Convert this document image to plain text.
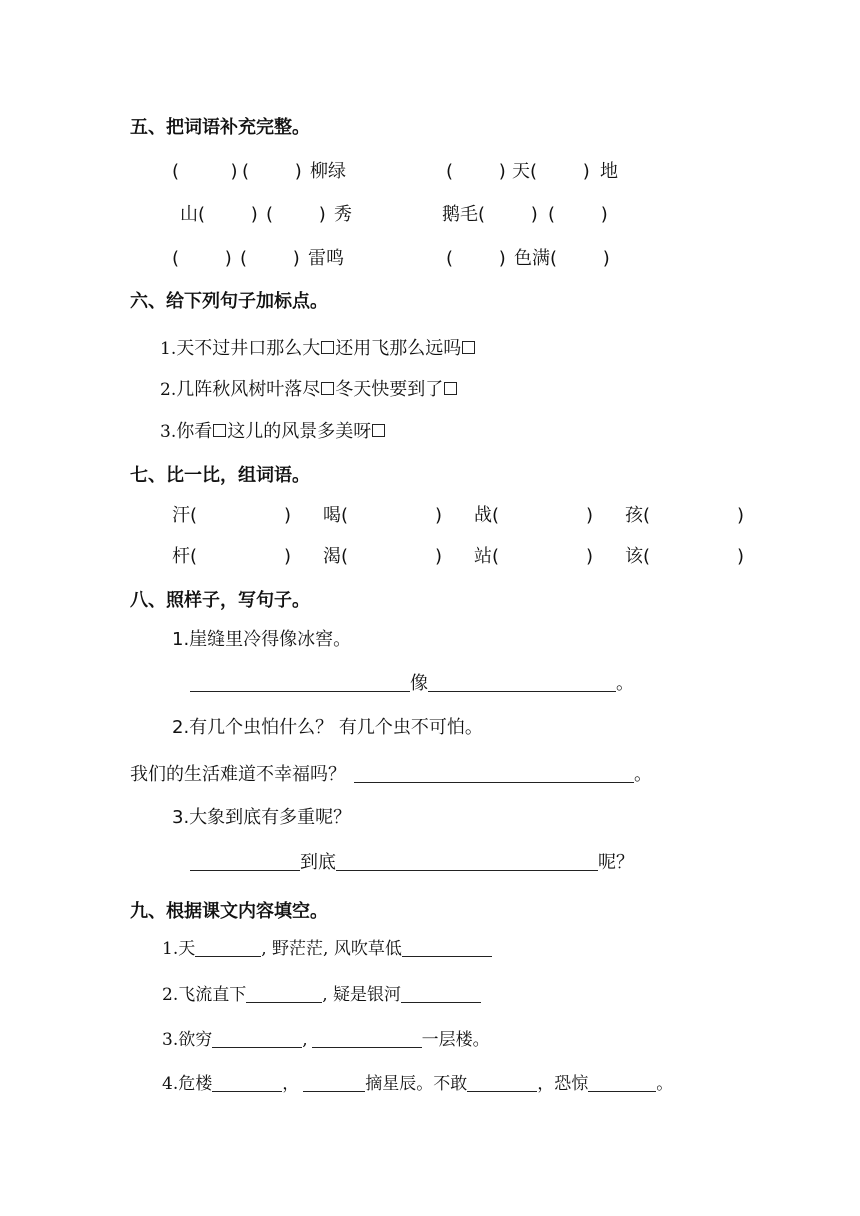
五、把词语补充完整。
(         ) (        ) 柳绿	(        ) 天(        ) 地
山(        ) (        ) 秀	鹅毛(        ) (        )
(        ) (        ) 雷鸣	(        ) 色满(        )
六、给下列句子加标点。
1.天不过井口那么大 还用飞那么远吗
2.几阵秋风树叶落尽 冬天快要到了
3.你看 这儿的风景多美呀
七、比一比，组词语。
汗(	) 喝(	) 战(	) 孩(	)
杆(	) 渴(	) 站(	) 该(	)
八、照样子，写句子。
1.崖缝里冷得像冰窖。
像	。
2.有几个虫怕什么？ 有几个虫不可怕。
我们的生活难道不幸福吗？	。
3.大象到底有多重呢？
到底	呢？
九、根据课文内容填空。
1.天	, 野茫茫, 风吹草低
2.飞流直下	, 疑是银河
3.欲穷	,	一层楼。
4.危楼	，	摘星辰。不敢	，恐惊	。
